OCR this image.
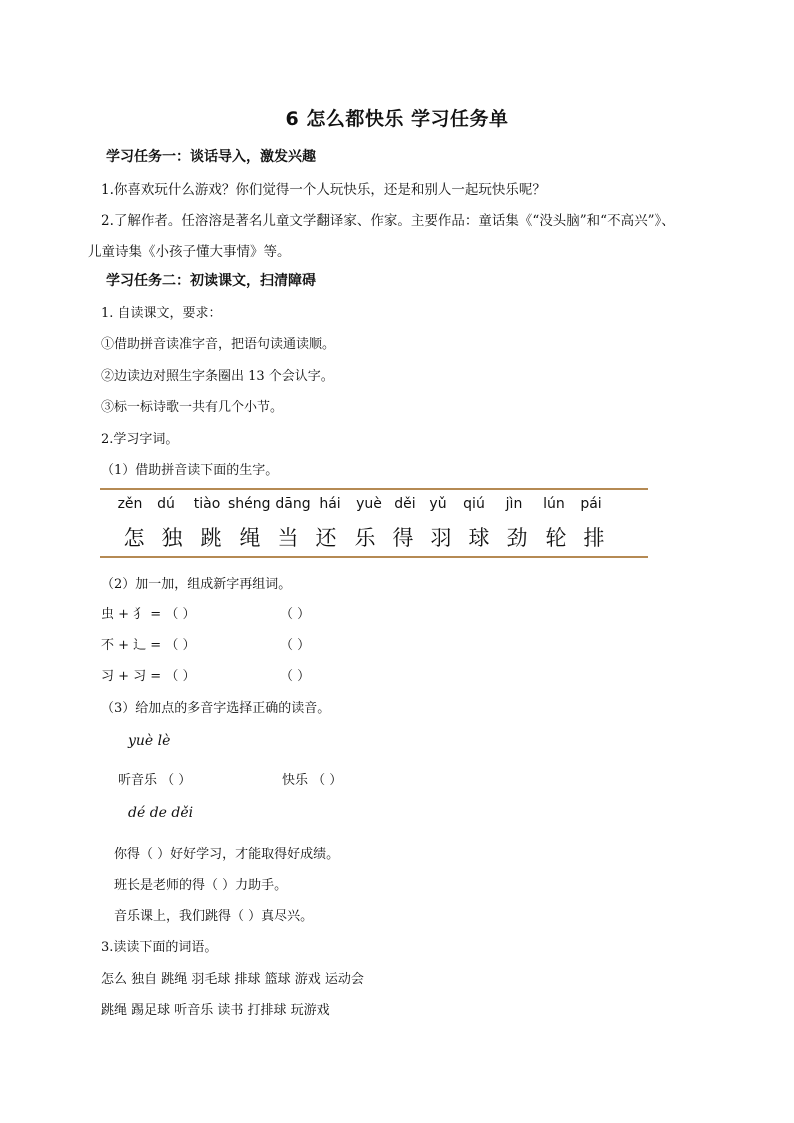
6 怎么都快乐 学习任务单
学习任务一：谈话导入，激发兴趣
1.你喜欢玩什么游戏？你们觉得一个人玩快乐，还是和别人一起玩快乐呢？
2.了解作者。任溶溶是著名儿童文学翻译家、作家。主要作品：童话集《“没头脑”和“不高兴”》、
儿童诗集《小孩子懂大事情》等。
学习任务二：初读课文，扫清障碍
1. 自读课文，要求：
①借助拼音读准字音，把语句读通读顺。
②边读边对照生字条圈出 13 个会认字。
③标一标诗歌一共有几个小节。
2.学习字词。
（1）借助拼音读下面的生字。
zěn	dú	tiào shéng dāng hái	yuè děi yǔ	qiú	jìn	lún	pái
怎 独 跳 绳 当 还 乐 得 羽 球 劲 轮 排
（2）加一加，组成新字再组词。
虫 + 犭 = （ ）	（ ）
不 + 辶 = （ ）	（ ）
习 + 习 = （ ）	（ ）
（3）给加点的多音字选择正确的读音。
yuè lè
听音乐 （ ）	快乐 （ ）
dé de děi
你得（ ）好好学习，才能取得好成绩。
班长是老师的得（ ）力助手。
音乐课上，我们跳得（ ）真尽兴。
3.读读下面的词语。
怎么 独自 跳绳 羽毛球 排球 篮球 游戏 运动会
跳绳 踢足球 听音乐 读书 打排球 玩游戏
